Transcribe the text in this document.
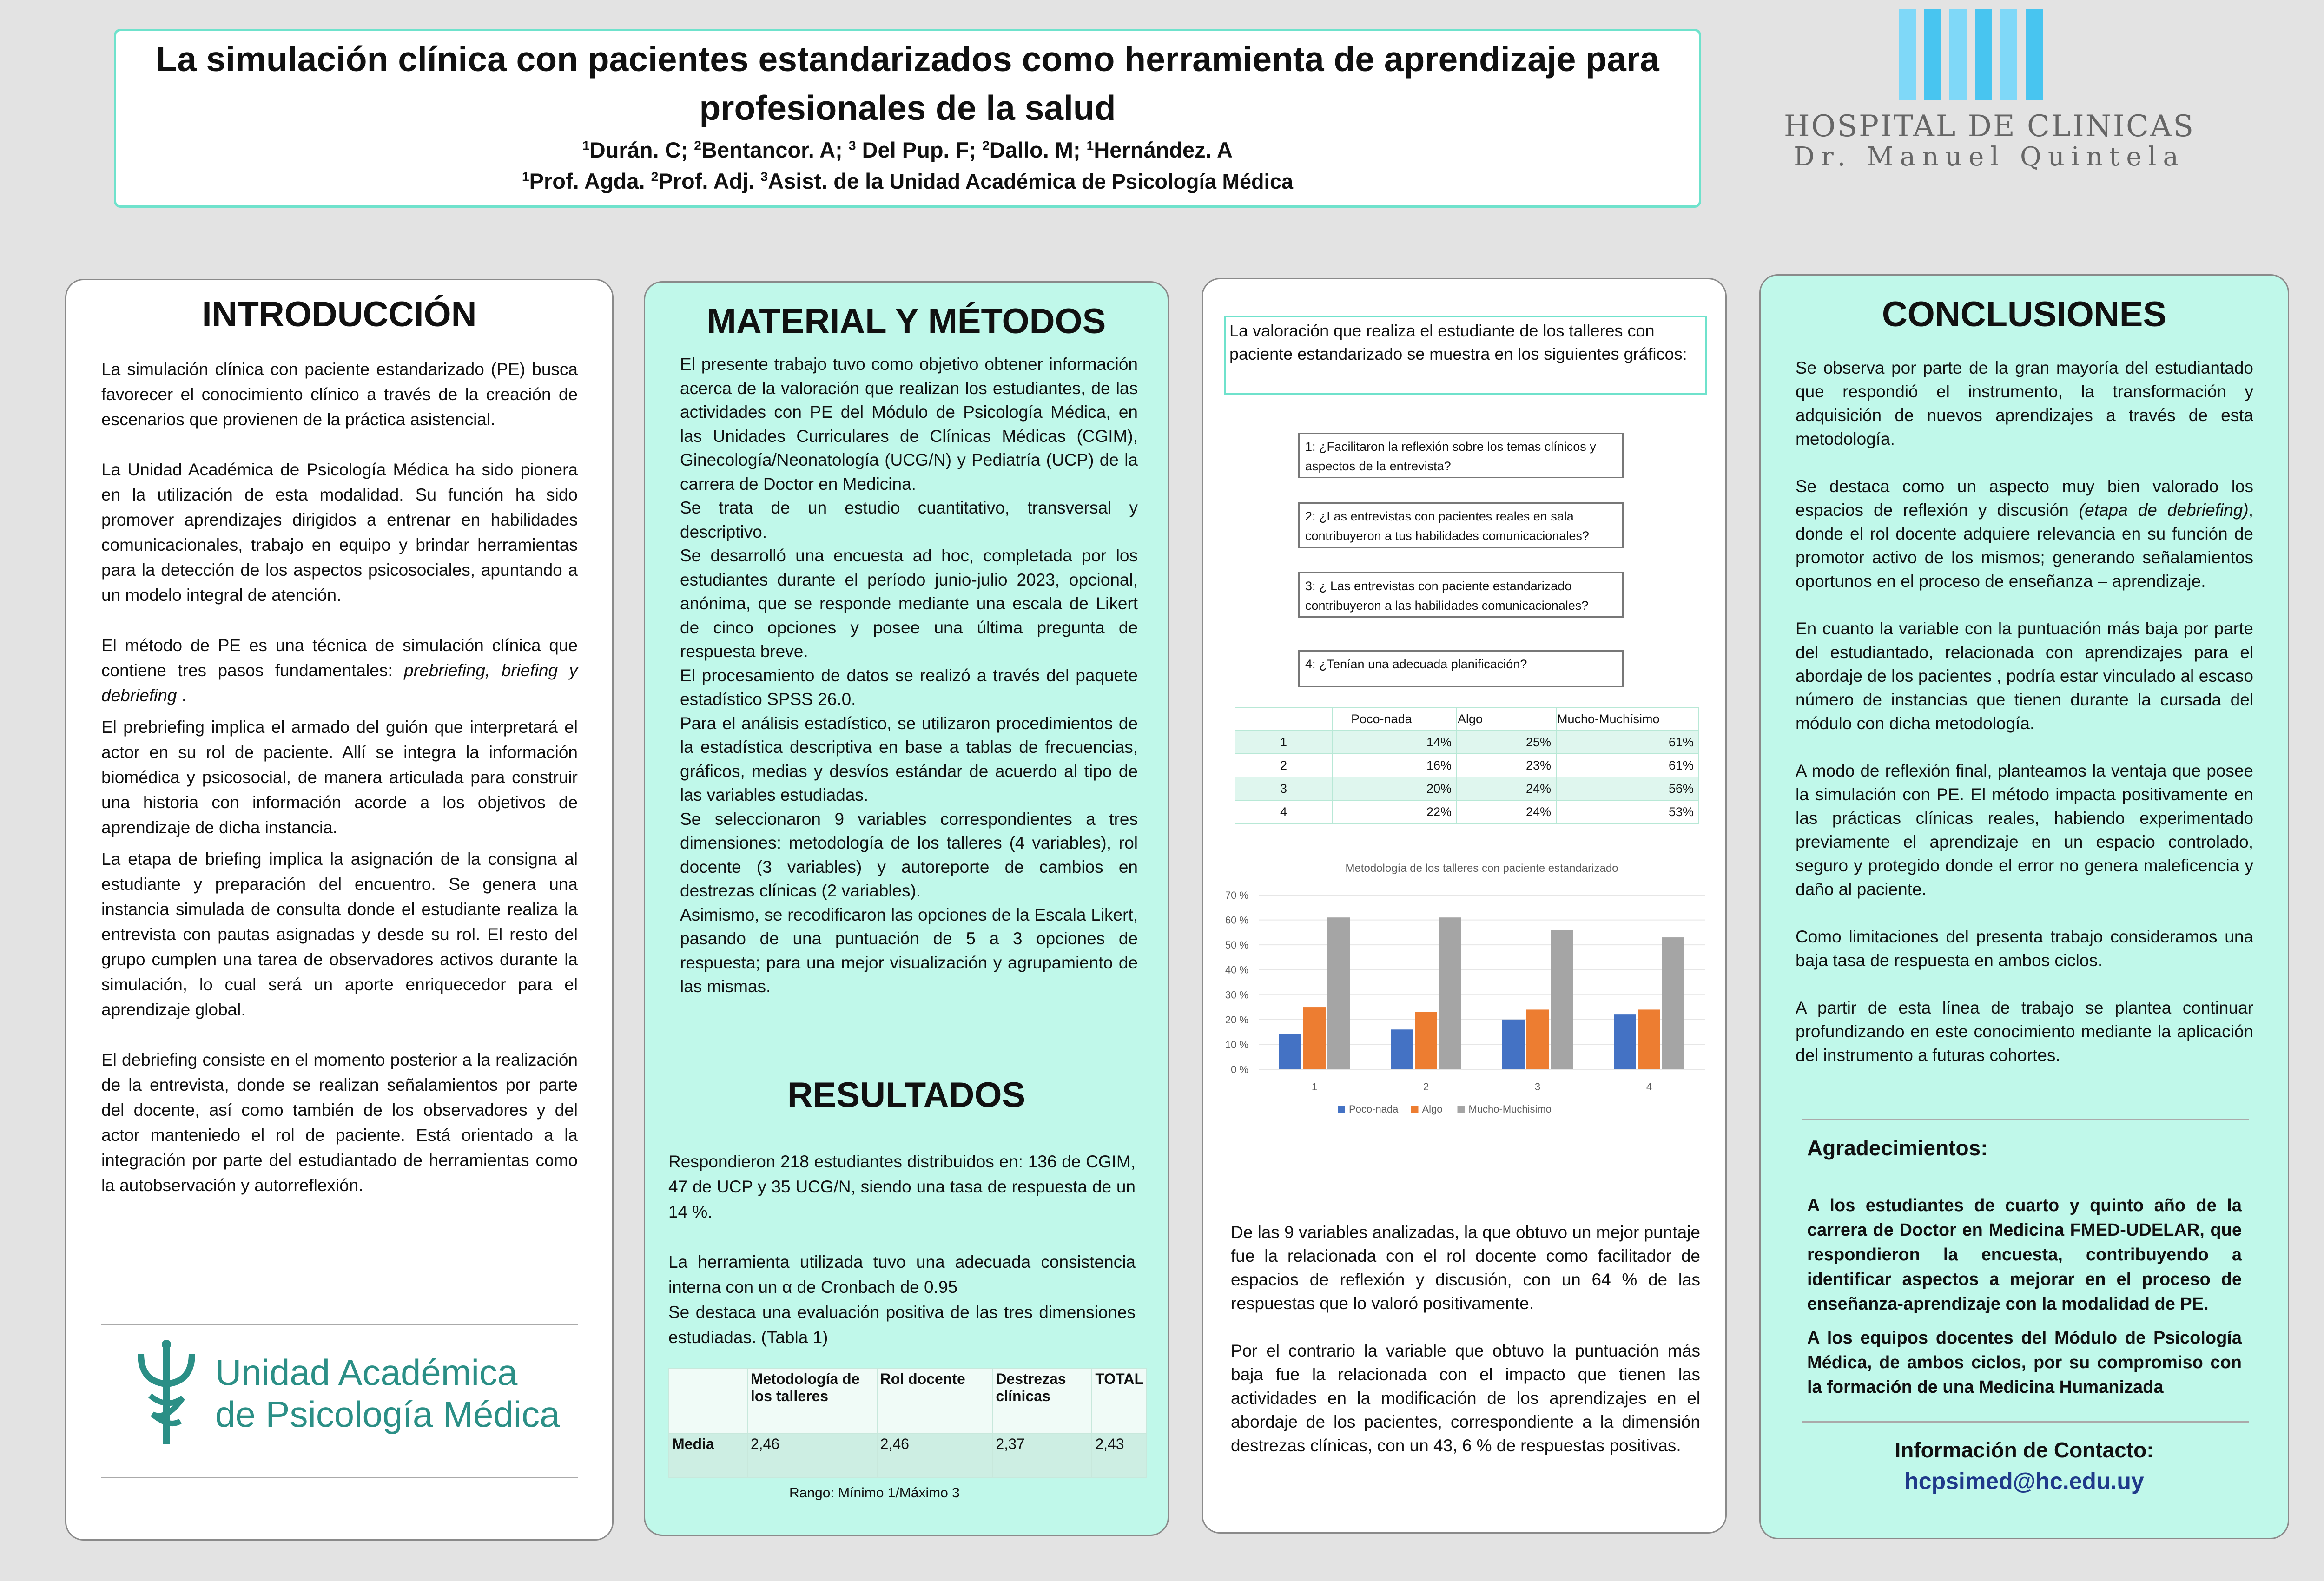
La simulación clínica con pacientes estandarizados como herramienta de aprendizaje para profesionales de la salud
$^1$Durán. C; $^2$Bentancor. A; $^3$ Del Pup. F; $^2$Dallo. M; $^1$Hernández. A
$^1$Prof. Agda. $^2$Prof. Adj. $^3$Asist. de la Unidad Académica de Psicología Médica
HOSPITAL DE CLINICAS
Dr. Manuel Quintela
INTRODUCCIÓN

La simulación clínica con paciente estandarizado (PE) busca favorecer el conocimiento clínico a través de la creación de escenarios que provienen de la práctica asistencial.

La Unidad Académica de Psicología Médica ha sido pionera en la utilización de esta modalidad. Su función ha sido promover aprendizajes dirigidos a entrenar en habilidades comunicacionales, trabajo en equipo y brindar herramientas para la detección de los aspectos psicosociales, apuntando a un modelo integral de atención.

El método de PE es una técnica de simulación clínica que contiene tres pasos fundamentales: prebriefing, briefing y debriefing .

El prebriefing implica el armado del guión que interpretará el actor en su rol de paciente. Allí se integra la información biomédica y psicosocial, de manera articulada para construir una historia con información acorde a los objetivos de aprendizaje de dicha instancia.

La etapa de briefing implica la asignación de la consigna al estudiante y preparación del encuentro. Se genera una instancia simulada de consulta donde el estudiante realiza la entrevista con pautas asignadas y desde su rol. El resto del grupo cumplen una tarea de observadores activos durante la simulación, lo cual será un aporte enriquecedor para el aprendizaje global.

El debriefing consiste en el momento posterior a la realización de la entrevista, donde se realizan señalamientos por parte del docente, así como también de los observadores y del actor manteniedo el rol de paciente. Está orientado a la integración por parte del estudiantado de herramientas como la autobservación y autorreflexión.

Unidad Académica
de Psicología Médica
MATERIAL Y MÉTODOS

El presente trabajo tuvo como objetivo obtener información acerca de la valoración que realizan los estudiantes, de las actividades con PE del Módulo de Psicología Médica, en las Unidades Curriculares de Clínicas Médicas (CGIM), Ginecología/Neonatología (UCG/N) y Pediatría (UCP) de la carrera de Doctor en Medicina.

Se trata de un estudio cuantitativo, transversal y descriptivo.

Se desarrolló una encuesta ad hoc, completada por los estudiantes durante el período junio-julio 2023, opcional, anónima, que se responde mediante una escala de Likert de cinco opciones y posee una última pregunta de respuesta breve.

El procesamiento de datos se realizó a través del paquete estadístico SPSS 26.0.

Para el análisis estadístico, se utilizaron procedimientos de la estadística descriptiva en base a tablas de frecuencias, gráficos, medias y desvíos estándar de acuerdo al tipo de las variables estudiadas.

Se seleccionaron 9 variables correspondientes a tres dimensiones: metodología de los talleres (4 variables), rol docente (3 variables) y autoreporte de cambios en destrezas clínicas (2 variables).

Asimismo, se recodificaron las opciones de la Escala Likert, pasando de una puntuación de 5 a 3 opciones de respuesta; para una mejor visualización y agrupamiento de las mismas.

RESULTADOS

Respondieron 218 estudiantes distribuidos en: 136 de CGIM, 47 de UCP y 35 UCG/N, siendo una tasa de respuesta de un 14 %.

La herramienta utilizada tuvo una adecuada consistencia interna con un α de Cronbach de 0.95

Se destaca una evaluación positiva de las tres dimensiones estudiadas. (Tabla 1)

	Metodología de los talleres	Rol docente	Destrezas clínicas	TOTAL
Media	2,46	2,46	2,37	2,43
Rango: Mínimo 1/Máximo 3
La valoración que realiza el estudiante de los talleres con paciente estandarizado se muestra en los siguientes gráficos:
1: ¿Facilitaron la reflexión sobre los temas clínicos y aspectos de la entrevista?
2: ¿Las entrevistas con pacientes reales en sala contribuyeron a tus habilidades comunicacionales?
3: ¿ Las entrevistas con paciente estandarizado contribuyeron a las habilidades comunicacionales?
4: ¿Tenían una adecuada planificación?
	Poco-nada	Algo	Mucho-Muchísimo
1	14%	25%	61%
2	16%	23%	61%
3	20%	24%	56%
4	22%	24%	53%
Metodología de los talleres con paciente estandarizado
0 %
10 %
20 %
30 %
40 %
50 %
60 %
70 %
1	2	3	4
Poco-nada Algo	Mucho-Muchisimo

De las 9 variables analizadas, la que obtuvo un mejor puntaje fue la relacionada con el rol docente como facilitador de espacios de reflexión y discusión, con un 64 % de las respuestas que lo valoró positivamente.

Por el contrario la variable que obtuvo la puntuación más baja fue la relacionada con el impacto que tienen las actividades en la modificación de los aprendizajes en el abordaje de los pacientes, correspondiente a la dimensión destrezas clínicas, con un 43, 6 % de respuestas positivas.

CONCLUSIONES

Se observa por parte de la gran mayoría del estudiantado que respondió el instrumento, la transformación y adquisición de nuevos aprendizajes a través de esta metodología.

Se destaca como un aspecto muy bien valorado los espacios de reflexión y discusión (etapa de debriefing), donde el rol docente adquiere relevancia en su función de promotor activo de los mismos; generando señalamientos oportunos en el proceso de enseñanza – aprendizaje.

En cuanto la variable con la puntuación más baja por parte del estudiantado, relacionada con aprendizajes para el abordaje de los pacientes , podría estar vinculado al escaso número de instancias que tienen durante la cursada del módulo con dicha metodología.

A modo de reflexión final, planteamos la ventaja que posee la simulación con PE. El método impacta positivamente en las prácticas clínicas reales, habiendo experimentado previamente el aprendizaje en un espacio controlado, seguro y protegido donde el error no genera maleficencia y daño al paciente.

Como limitaciones del presenta trabajo consideramos una baja tasa de respuesta en ambos ciclos.

A partir de esta línea de trabajo se plantea continuar profundizando en este conocimiento mediante la aplicación del instrumento a futuras cohortes.

Agradecimientos:
A los estudiantes de cuarto y quinto año de la carrera de Doctor en Medicina FMED-UDELAR, que respondieron la encuesta, contribuyendo a identificar aspectos a mejorar en el proceso de enseñanza-aprendizaje con la modalidad de PE.
A los equipos docentes del Módulo de Psicología Médica, de ambos ciclos, por su compromiso con la formación de una Medicina Humanizada
Información de Contacto:
hcpsimed@hc.edu.uy
